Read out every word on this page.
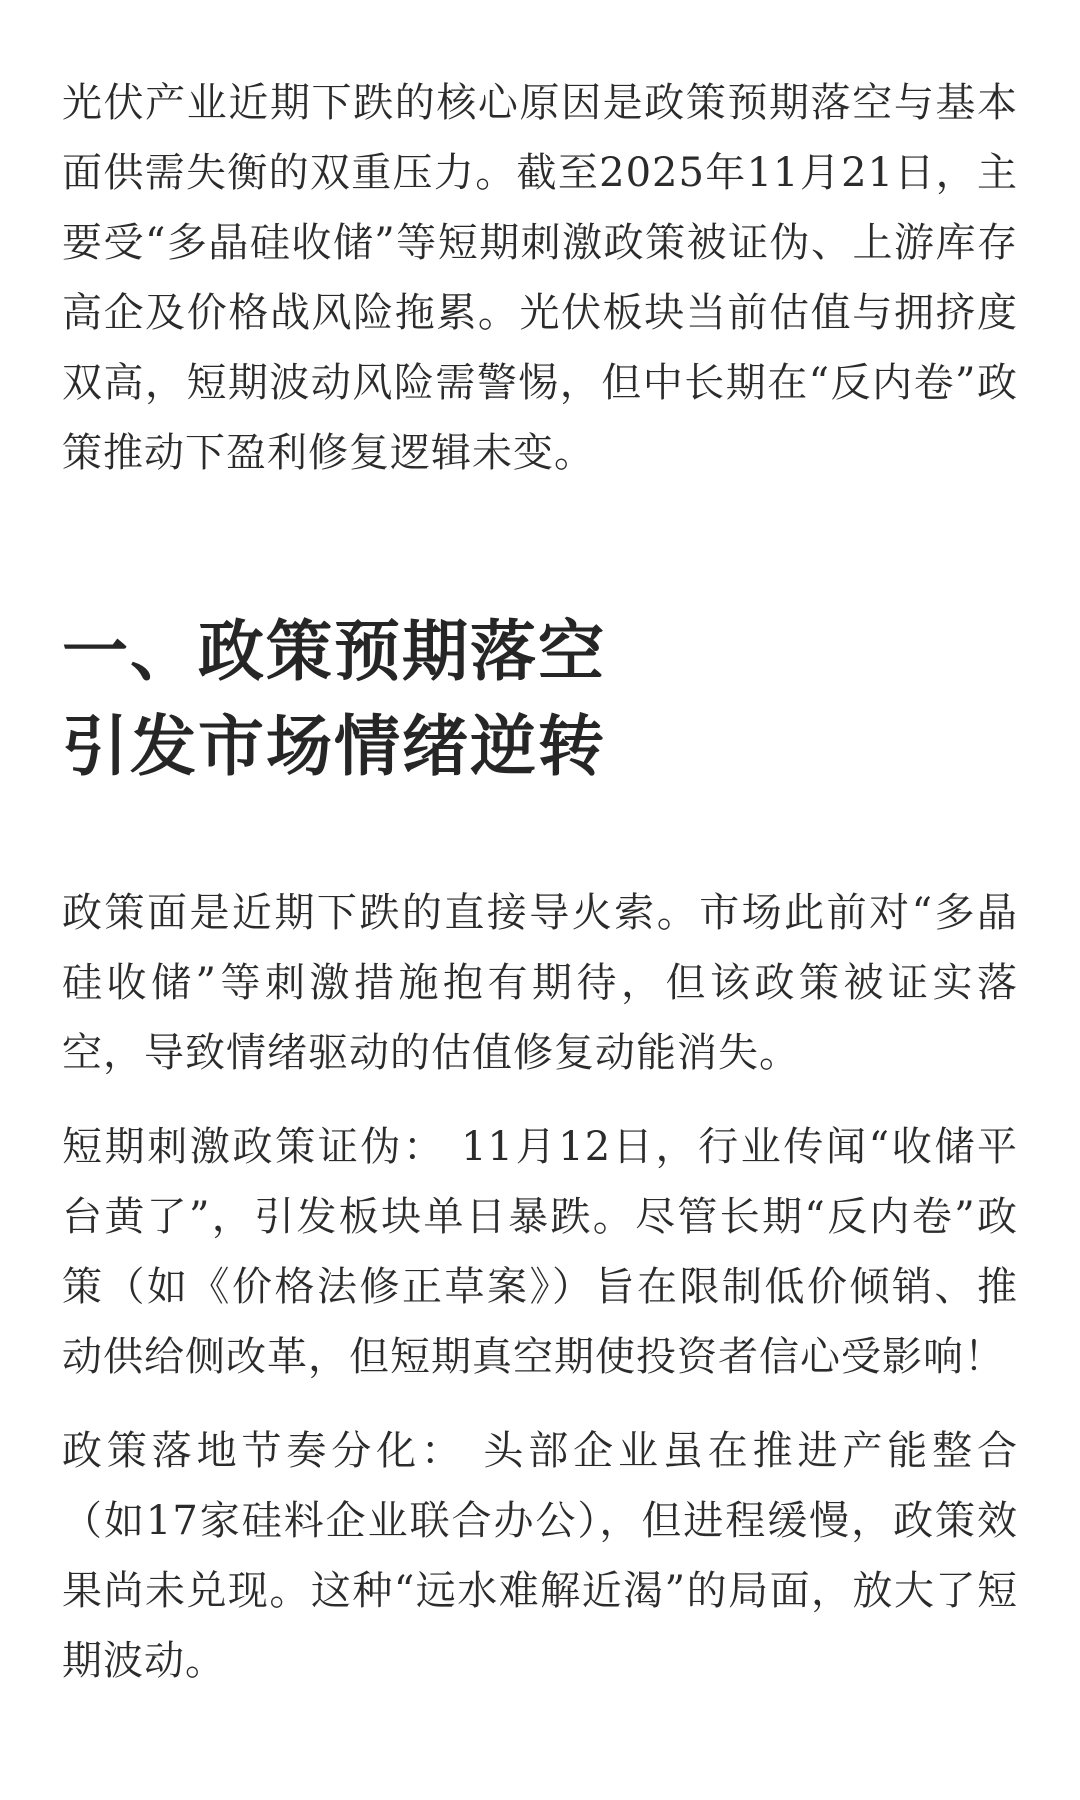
光伏产业近期下跌的核心原因是政策预期落空与基本面供需失衡的双重压力。截至2025年11月21日，主要受“多晶硅收储”等短期刺激政策被证伪、上游库存高企及价格战风险拖累。光伏板块当前估值与拥挤度双高，短期波动风险需警惕，但中长期在“反内卷”政策推动下盈利修复逻辑未变。

一、政策预期落空
引发市场情绪逆转

政策面是近期下跌的直接导火索。市场此前对“多晶硅收储”等刺激措施抱有期待，但该政策被证实落空，导致情绪驱动的估值修复动能消失。

短期刺激政策证伪： 11月12日，行业传闻“收储平台黄了”，引发板块单日暴跌。尽管长期“反内卷”政策（如《价格法修正草案》）旨在限制低价倾销、推动供给侧改革，但短期真空期使投资者信心受影响！

政策落地节奏分化： 头部企业虽在推进产能整合（如17家硅料企业联合办公），但进程缓慢，政策效果尚未兑现。这种“远水难解近渴”的局面，放大了短期波动。
